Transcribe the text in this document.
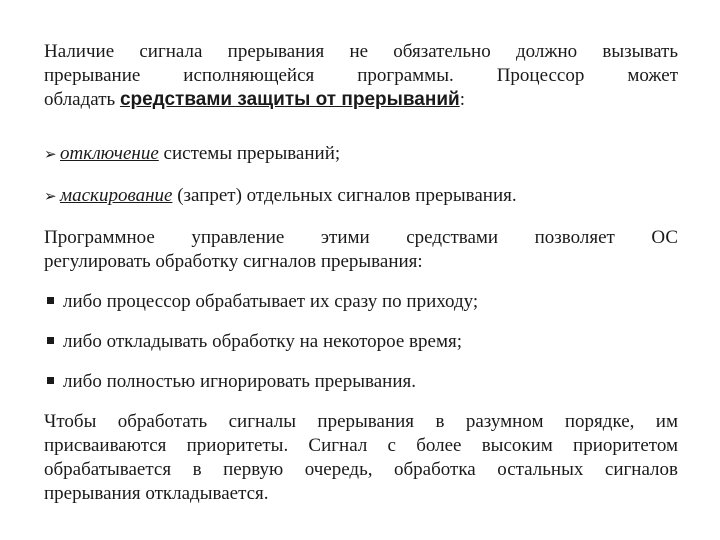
Наличие сигнала прерывания не обязательно должно вызывать
прерывание исполняющейся программы. Процессор может
обладать средствами защиты от прерываний:
➢ отключение системы прерываний;
➢ маскирование (запрет) отдельных сигналов прерывания.
Программное управление этими средствами позволяет ОС
регулировать обработку сигналов прерывания:
либо процессор обрабатывает их сразу по приходу;
либо откладывать обработку на некоторое время;
либо полностью игнорировать прерывания.
Чтобы обработать сигналы прерывания в разумном порядке, им
присваиваются приоритеты. Сигнал с более высоким приоритетом
обрабатывается в первую очередь, обработка остальных сигналов
прерывания откладывается.
